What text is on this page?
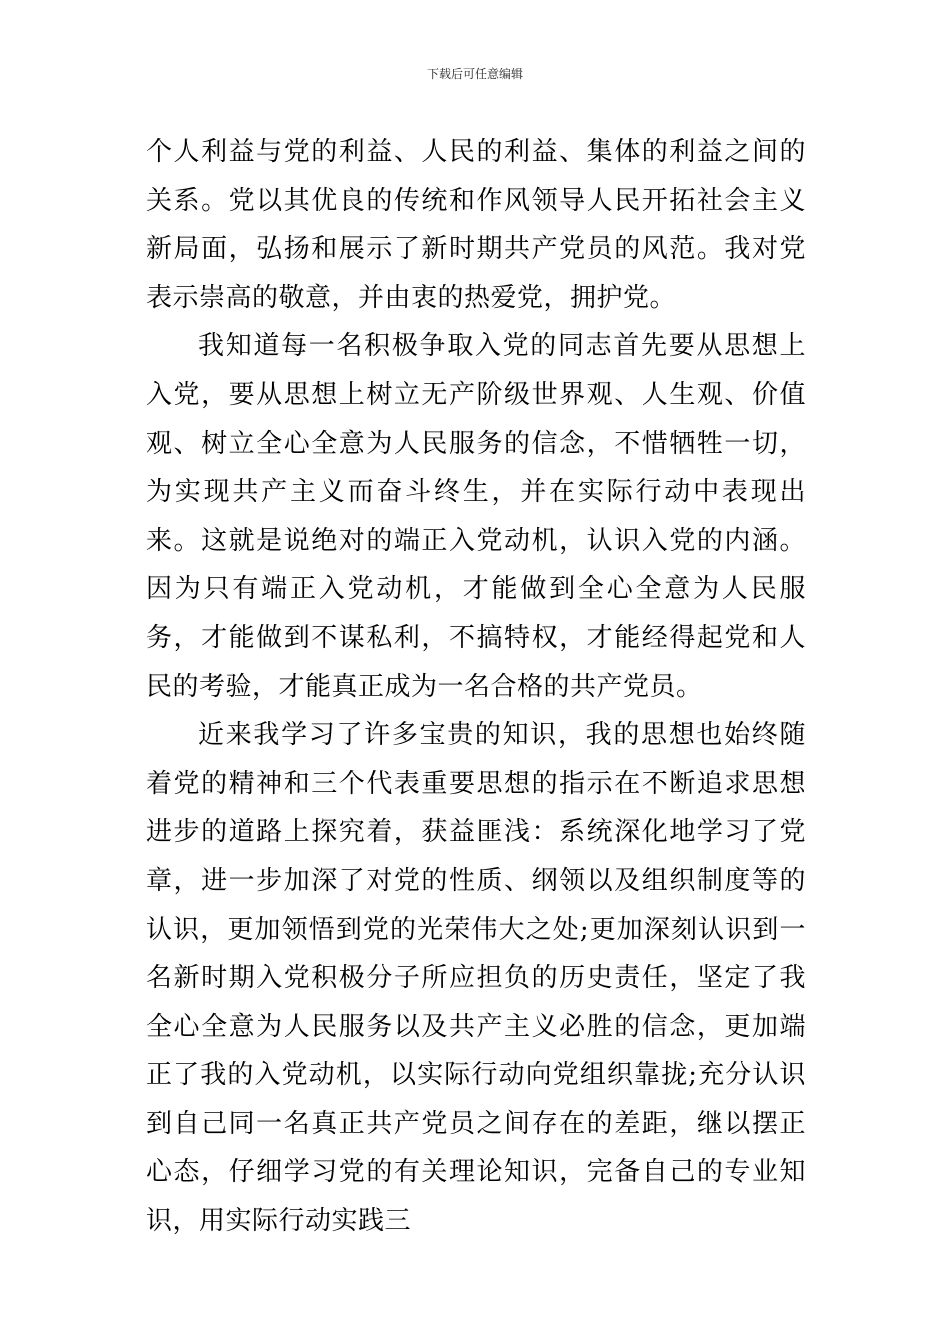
下载后可任意编辑

个人利益与党的利益、人民的利益、集体的利益之间的关系。党以其优良的传统和作风领导人民开拓社会主义新局面，弘扬和展示了新时期共产党员的风范。我对党表示崇高的敬意，并由衷的热爱党，拥护党。

我知道每一名积极争取入党的同志首先要从思想上入党，要从思想上树立无产阶级世界观、人生观、价值观、树立全心全意为人民服务的信念，不惜牺牲一切，为实现共产主义而奋斗终生，并在实际行动中表现出来。这就是说绝对的端正入党动机，认识入党的内涵。因为只有端正入党动机，才能做到全心全意为人民服务，才能做到不谋私利，不搞特权，才能经得起党和人民的考验，才能真正成为一名合格的共产党员。

近来我学习了许多宝贵的知识，我的思想也始终随着党的精神和三个代表重要思想的指示在不断追求思想进步的道路上探究着，获益匪浅：系统深化地学习了党章，进一步加深了对党的性质、纲领以及组织制度等的认识，更加领悟到党的光荣伟大之处;更加深刻认识到一名新时期入党积极分子所应担负的历史责任，坚定了我全心全意为人民服务以及共产主义必胜的信念，更加端正了我的入党动机，以实际行动向党组织靠拢;充分认识到自己同一名真正共产党员之间存在的差距，继以摆正心态，仔细学习党的有关理论知识，完备自己的专业知识，用实际行动实践三
